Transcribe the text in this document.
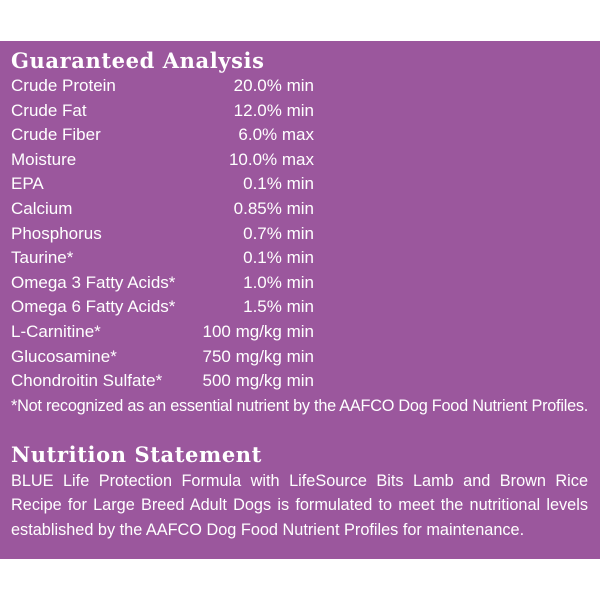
Guaranteed Analysis
Crude Protein	20.0% min
Crude Fat	12.0% min
Crude Fiber	6.0% max
Moisture	10.0% max
EPA	0.1% min
Calcium	0.85% min
Phosphorus	0.7% min
Taurine*	0.1% min
Omega 3 Fatty Acids*	1.0% min
Omega 6 Fatty Acids*	1.5% min
L-Carnitine*	100 mg/kg min
Glucosamine*	750 mg/kg min
Chondroitin Sulfate* 500 mg/kg min
*Not recognized as an essential nutrient by the AAFCO Dog Food Nutrient Profiles.
Nutrition Statement
BLUE Life Protection Formula with LifeSource Bits Lamb and Brown Rice Recipe for Large Breed Adult Dogs is formulated to meet the nutritional levels established by the AAFCO Dog Food Nutrient Profiles for maintenance.
